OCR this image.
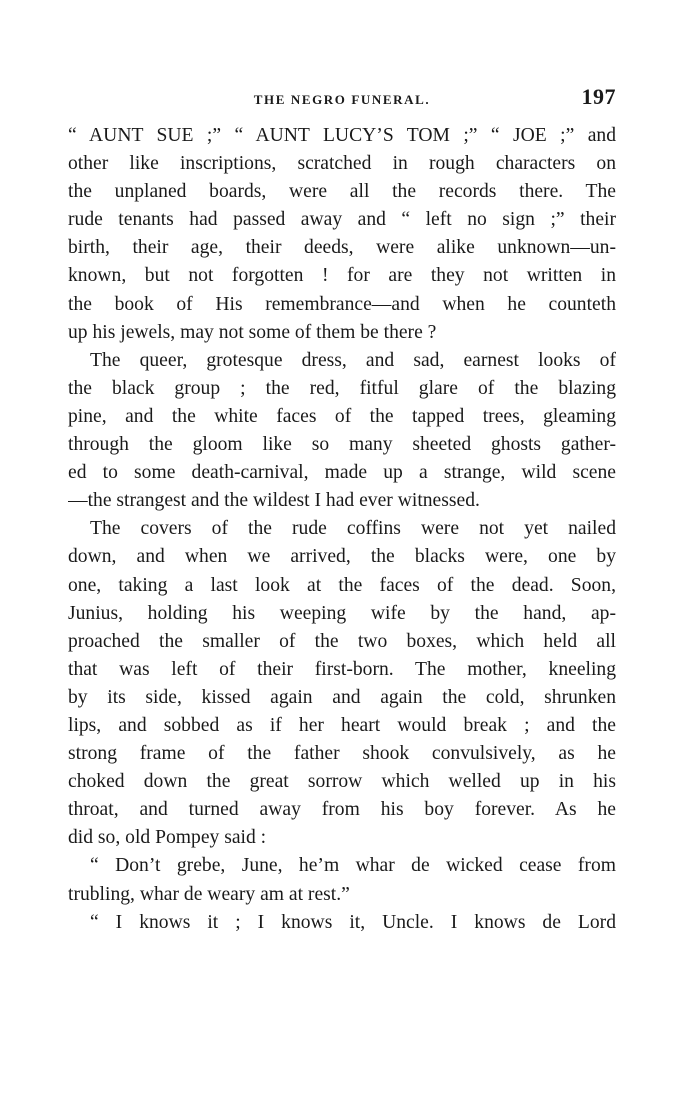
THE NEGRO FUNERAL.	197
“ AUNT SUE ;” “ AUNT LUCY’S TOM ;” “ JOE ;” and
other like inscriptions, scratched in rough characters on
the unplaned boards, were all the records there. The
rude tenants had passed away and “ left no sign ;” their
birth, their age, their deeds, were alike unknown—un-
known, but not forgotten ! for are they not written in
the book of His remembrance—and when he counteth
up his jewels, may not some of them be there ?
The queer, grotesque dress, and sad, earnest looks of
the black group ; the red, fitful glare of the blazing
pine, and the white faces of the tapped trees, gleaming
through the gloom like so many sheeted ghosts gather-
ed to some death-carnival, made up a strange, wild scene
—the strangest and the wildest I had ever witnessed.
The covers of the rude coffins were not yet nailed
down, and when we arrived, the blacks were, one by
one, taking a last look at the faces of the dead. Soon,
Junius, holding his weeping wife by the hand, ap-
proached the smaller of the two boxes, which held all
that was left of their first-born. The mother, kneeling
by its side, kissed again and again the cold, shrunken
lips, and sobbed as if her heart would break ; and the
strong frame of the father shook convulsively, as he
choked down the great sorrow which welled up in his
throat, and turned away from his boy forever. As he
did so, old Pompey said :
“ Don’t grebe, June, he’m whar de wicked cease from
trubling, whar de weary am at rest.”
“ I knows it ; I knows it, Uncle. I knows de Lord
